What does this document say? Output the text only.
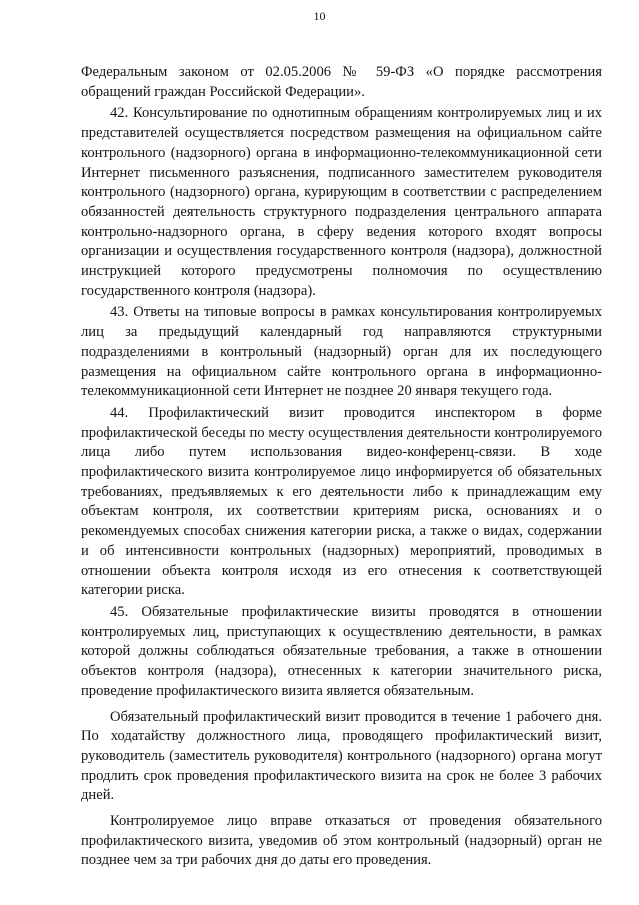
10

Федеральным законом от 02.05.2006 № 59-ФЗ «О порядке рассмотрения обращений граждан Российской Федерации».

42. Консультирование по однотипным обращениям контролируемых лиц и их представителей осуществляется посредством размещения на официальном сайте контрольного (надзорного) органа в информационно-телекоммуникационной сети Интернет письменного разъяснения, подписанного заместителем руководителя контрольного (надзорного) органа, курирующим в соответствии с распределением обязанностей деятельность структурного подразделения центрального аппарата контрольно-надзорного органа, в сферу ведения которого входят вопросы организации и осуществления государственного контроля (надзора), должностной инструкцией которого предусмотрены полномочия по осуществлению государственного контроля (надзора).

43. Ответы на типовые вопросы в рамках консультирования контролируемых лиц за предыдущий календарный год направляются структурными подразделениями в контрольный (надзорный) орган для их последующего размещения на официальном сайте контрольного органа в информационно-телекоммуникационной сети Интернет не позднее 20 января текущего года.

44. Профилактический визит проводится инспектором в форме профилактической беседы по месту осуществления деятельности контролируемого лица либо путем использования видео-конференц-связи. В ходе профилактического визита контролируемое лицо информируется об обязательных требованиях, предъявляемых к его деятельности либо к принадлежащим ему объектам контроля, их соответствии критериям риска, основаниях и о рекомендуемых способах снижения категории риска, а также о видах, содержании и об интенсивности контрольных (надзорных) мероприятий, проводимых в отношении объекта контроля исходя из его отнесения к соответствующей категории риска.

45. Обязательные профилактические визиты проводятся в отношении контролируемых лиц, приступающих к осуществлению деятельности, в рамках которой должны соблюдаться обязательные требования, а также в отношении объектов контроля (надзора), отнесенных к категории значительного риска, проведение профилактического визита является обязательным.

Обязательный профилактический визит проводится в течение 1 рабочего дня. По ходатайству должностного лица, проводящего профилактический визит, руководитель (заместитель руководителя) контрольного (надзорного) органа могут продлить срок проведения профилактического визита на срок не более 3 рабочих дней.

Контролируемое лицо вправе отказаться от проведения обязательного профилактического визита, уведомив об этом контрольный (надзорный) орган не позднее чем за три рабочих дня до даты его проведения.
